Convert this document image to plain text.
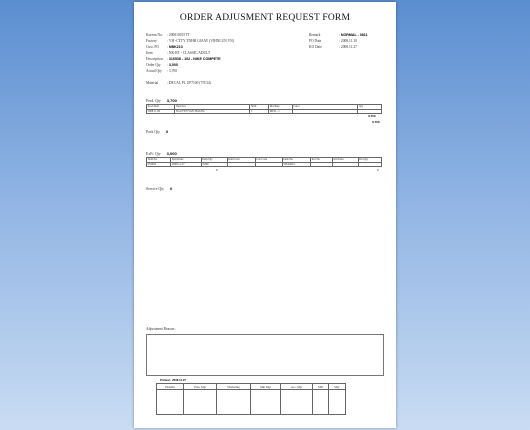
ORDER ADJUSMENT REQUEST FORM
Korean No. : 200810015TT
Factory	: VH -CTTY TNHH GIAAY (VIHNLUN VN)
Cust. PO : NBK213
Item	: NK-BT - CLASSIC ADULT
Description : 316538 - 102 - NIKE COMPETE
Order Qty : 3,000
Actual Qty : 3,700
Material : DECAL PL UP7100 (7/9/34)
Remark	: NORMAL - 0811
PO Date	: 2008.11.10
KO Date	: 2008.11.27
Prod. Qty 3,700
Prod.Date	Operator	Shift	Machine	Color	Qty
2008.11.06	NGUYEN VAN HOANG	1	MED - 1		
3,700
3,700
Pack Qty 0
ExFc Qty 3,000
DelivNo	DelivDate	DelivQty	DelivCust	Cus Code	DelivNo	InvcNo	InvcDate	InvcQty
635694	2008.11.27	3,000			VBA0691			
0	0
Service Qty 0
Adjustment Reason :
Printed : 2008.11.27
Handler	Prus. Mgr	Marketing	Mkt Mgr	Acc. Mgr	MD	Mgr
